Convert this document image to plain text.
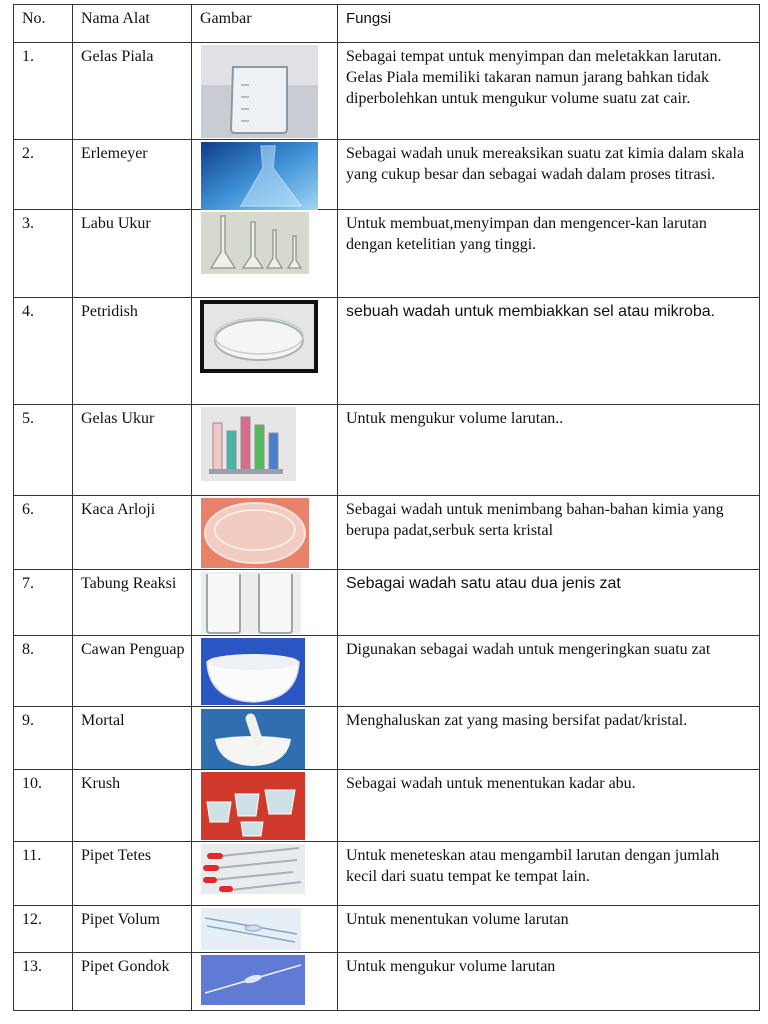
No.	Nama Alat	Gambar	Fungsi
1.	Gelas Piala		Sebagai tempat untuk menyimpan dan meletakkan larutan. Gelas Piala memiliki takaran namun jarang bahkan tidak diperbolehkan untuk mengukur volume suatu zat cair.
2.	Erlemeyer		Sebagai wadah unuk mereaksikan suatu zat kimia dalam skala yang cukup besar dan sebagai wadah dalam proses titrasi.
3.	Labu Ukur		Untuk membuat,menyimpan dan mengencer-kan larutan dengan ketelitian yang tinggi.
4.	Petridish		sebuah wadah untuk membiakkan sel atau mikroba.
5.	Gelas Ukur		Untuk mengukur volume larutan..
6.	Kaca Arloji		Sebagai wadah untuk menimbang bahan-bahan kimia yang berupa padat,serbuk serta kristal
7.	Tabung Reaksi		Sebagai wadah satu atau dua jenis zat
8.	Cawan Penguap		Digunakan sebagai wadah untuk mengeringkan suatu zat
9.	Mortal		Menghaluskan zat yang masing bersifat padat/kristal.
10.	Krush		Sebagai wadah untuk menentukan kadar abu.
11.	Pipet Tetes		Untuk meneteskan atau mengambil larutan dengan jumlah kecil dari suatu tempat ke tempat lain.
12.	Pipet Volum		Untuk menentukan volume larutan
13.	Pipet Gondok		Untuk mengukur volume larutan
